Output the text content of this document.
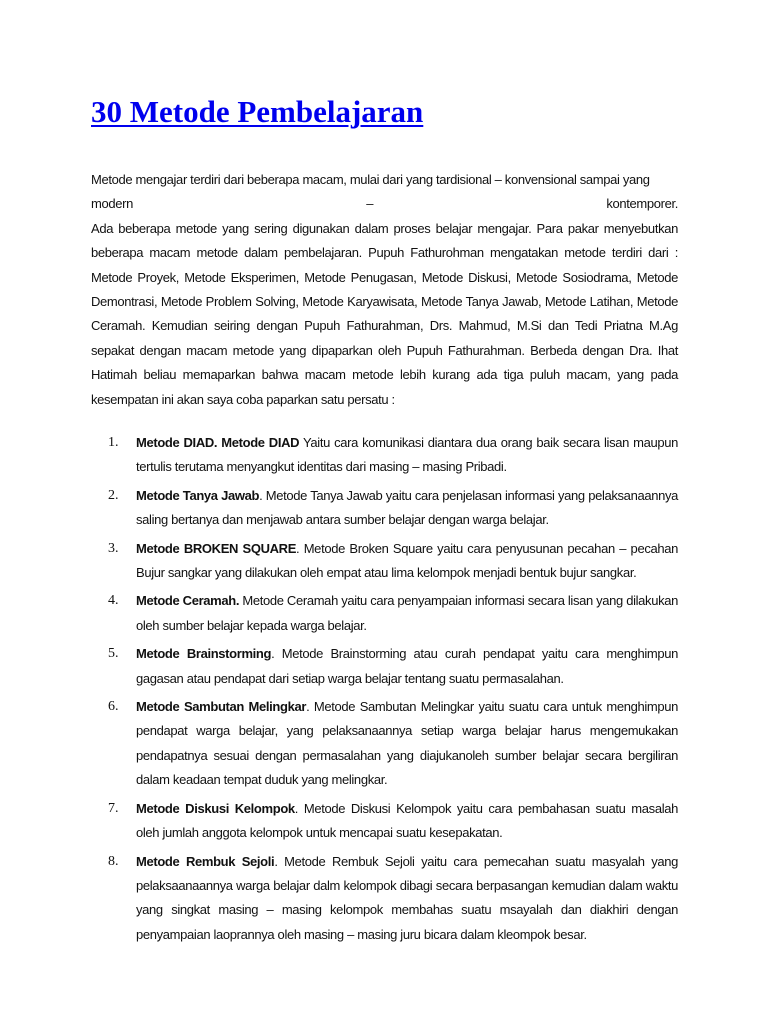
30 Metode Pembelajaran

Metode mengajar terdiri dari beberapa macam, mulai dari yang tardisional – konvensional sampai yang
modern	–	kontemporer.

Ada beberapa metode yang sering digunakan dalam proses belajar mengajar. Para pakar menyebutkan beberapa macam metode dalam pembelajaran. Pupuh Fathurohman mengatakan metode terdiri dari : Metode Proyek, Metode Eksperimen, Metode Penugasan, Metode Diskusi, Metode Sosiodrama, Metode Demontrasi, Metode Problem Solving, Metode Karyawisata, Metode Tanya Jawab, Metode Latihan, Metode Ceramah. Kemudian seiring dengan Pupuh Fathurahman, Drs. Mahmud, M.Si dan Tedi Priatna M.Ag sepakat dengan macam metode yang dipaparkan oleh Pupuh Fathurahman. Berbeda dengan Dra. Ihat Hatimah beliau memaparkan bahwa macam metode lebih kurang ada tiga puluh macam, yang pada kesempatan ini akan saya coba paparkan satu persatu :

1. Metode DIAD. Metode DIAD Yaitu cara komunikasi diantara dua orang baik secara lisan maupun tertulis terutama menyangkut identitas dari masing – masing Pribadi.
2. Metode Tanya Jawab. Metode Tanya Jawab yaitu cara penjelasan informasi yang pelaksanaannya saling bertanya dan menjawab antara sumber belajar dengan warga belajar.
3. Metode BROKEN SQUARE. Metode Broken Square yaitu cara penyusunan pecahan – pecahan Bujur sangkar yang dilakukan oleh empat atau lima kelompok menjadi bentuk bujur sangkar.
4. Metode Ceramah. Metode Ceramah yaitu cara penyampaian informasi secara lisan yang dilakukan oleh sumber belajar kepada warga belajar.
5. Metode Brainstorming. Metode Brainstorming atau curah pendapat yaitu cara menghimpun gagasan atau pendapat dari setiap warga belajar tentang suatu permasalahan.
6. Metode Sambutan Melingkar. Metode Sambutan Melingkar yaitu suatu cara untuk menghimpun pendapat warga belajar, yang pelaksanaannya setiap warga belajar harus mengemukakan pendapatnya sesuai dengan permasalahan yang diajukanoleh sumber belajar secara bergiliran dalam keadaan tempat duduk yang melingkar.
7. Metode Diskusi Kelompok. Metode Diskusi Kelompok yaitu cara pembahasan suatu masalah oleh jumlah anggota kelompok untuk mencapai suatu kesepakatan.
8. Metode Rembuk Sejoli. Metode Rembuk Sejoli yaitu cara pemecahan suatu masyalah yang pelaksaanaannya warga belajar dalm kelompok dibagi secara berpasangan kemudian dalam waktu yang singkat masing – masing kelompok membahas suatu msayalah dan diakhiri dengan penyampaian laoprannya oleh masing – masing juru bicara dalam kleompok besar.
